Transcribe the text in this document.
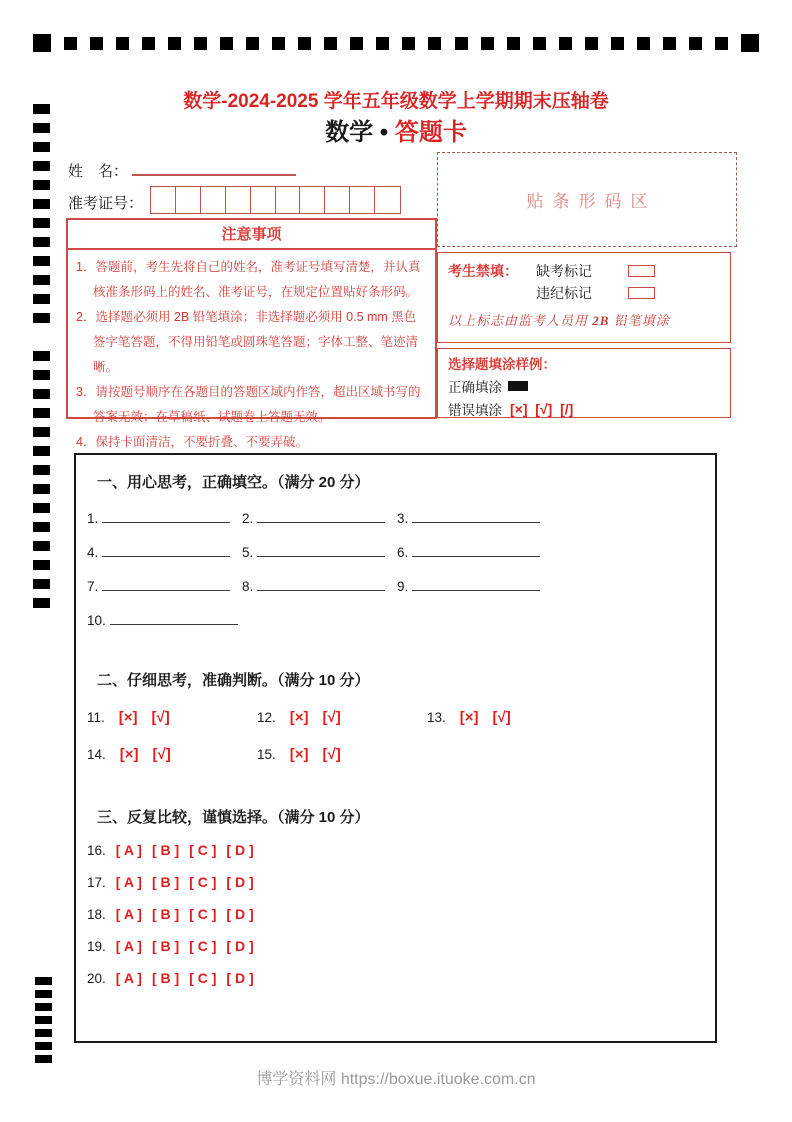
数学-2024-2025 学年五年级数学上学期期末压轴卷
数学 • 答题卡
姓　名：
准考证号：	贴条形码区
注意事项

1．答题前，考生先将自己的姓名，准考证号填写清楚，并认真核准条形码上的姓名、准考证号，在规定位置贴好条形码。

2．选择题必须用 2B 铅笔填涂；非选择题必须用 0.5 mm 黑色签字笔答题，不得用铅笔或圆珠笔答题；字体工整、笔迹清晰。

3．请按题号顺序在各题目的答题区域内作答，超出区域书写的答案无效；在草稿纸、试题卷上答题无效。

4．保持卡面清洁，不要折叠、不要弄破。

考生禁填：	缺考标记
违纪标记
以上标志由监考人员用 2B 铅笔填涂
选择题填涂样例：
正确填涂
错误填涂 [×]  [√]  [/]
一、用心思考，正确填空。（满分 20 分）
1.	2.	3.
4.	5.	6.
7.	8.	9.
10.
二、仔细思考，准确判断。（满分 10 分）
11. [×] [√]	12. [×] [√]	13. [×] [√]
14. [×] [√]	15. [×] [√]
三、反复比较，谨慎选择。（满分 10 分）
16. [ A ] [ B ] [ C ] [ D ]
17. [ A ] [ B ] [ C ] [ D ]
18. [ A ] [ B ] [ C ] [ D ]
19. [ A ] [ B ] [ C ] [ D ]
20. [ A ] [ B ] [ C ] [ D ]
博学资料网 https://boxue.ituoke.com.cn
